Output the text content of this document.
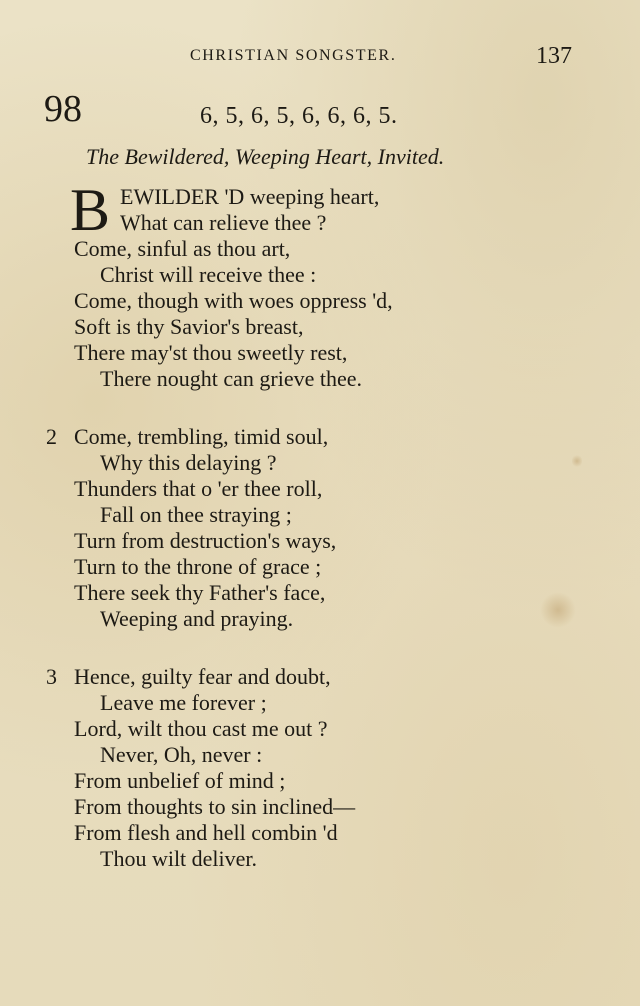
CHRISTIAN SONGSTER.	137
98	6, 5, 6, 5, 6, 6, 6, 5.
The Bewildered, Weeping Heart, Invited.
B EWILDER 'D weeping heart,
What can relieve thee ?
Come, sinful as thou art,
Christ will receive thee :
Come, though with woes oppress 'd,
Soft is thy Savior's breast,
There may'st thou sweetly rest,
There nought can grieve thee.
2 Come, trembling, timid soul,
Why this delaying ?
Thunders that o 'er thee roll,
Fall on thee straying ;
Turn from destruction's ways,
Turn to the throne of grace ;
There seek thy Father's face,
Weeping and praying.
3 Hence, guilty fear and doubt,
Leave me forever ;
Lord, wilt thou cast me out ?
Never, Oh, never :
From unbelief of mind ;
From thoughts to sin inclined—
From flesh and hell combin 'd
Thou wilt deliver.
